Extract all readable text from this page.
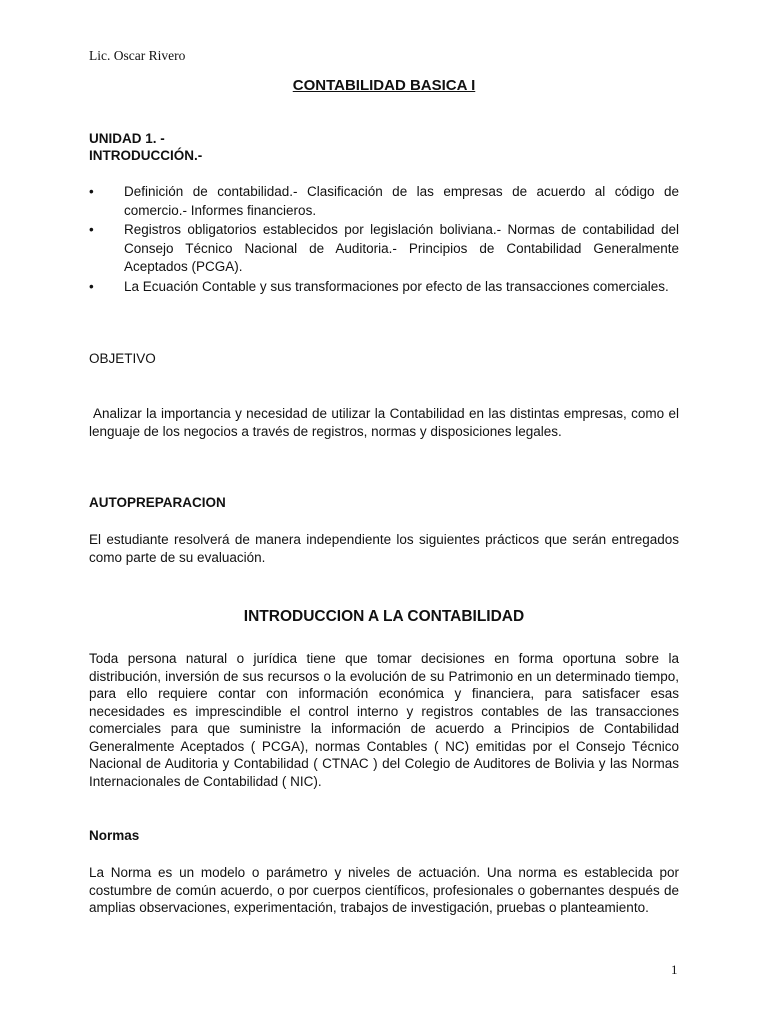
Lic. Oscar Rivero
CONTABILIDAD BASICA I
UNIDAD 1. -
INTRODUCCIÓN.-
• Definición de contabilidad.- Clasificación de las empresas de acuerdo al código de comercio.- Informes financieros.
• Registros obligatorios establecidos por legislación boliviana.- Normas de contabilidad del Consejo Técnico Nacional de Auditoria.- Principios de Contabilidad Generalmente Aceptados (PCGA).
• La Ecuación Contable y sus transformaciones por efecto de las transacciones comerciales.
OBJETIVO
Analizar la importancia y necesidad de utilizar la Contabilidad en las distintas empresas, como el lenguaje de los negocios a través de registros, normas y disposiciones legales.
AUTOPREPARACION
El estudiante resolverá de manera independiente los siguientes prácticos que serán entregados como parte de su evaluación.
INTRODUCCION A LA CONTABILIDAD
Toda persona natural o jurídica tiene que tomar decisiones en forma oportuna sobre la distribución, inversión de sus recursos o la evolución de su Patrimonio en un determinado tiempo, para ello requiere contar con información económica y financiera, para satisfacer esas necesidades es imprescindible el control interno y registros contables de las transacciones comerciales para que suministre la información de acuerdo a Principios de Contabilidad Generalmente Aceptados ( PCGA), normas Contables ( NC) emitidas por el Consejo Técnico Nacional de Auditoria y Contabilidad ( CTNAC ) del Colegio de Auditores de Bolivia y las Normas Internacionales de Contabilidad ( NIC).
Normas
La Norma es un modelo o parámetro y niveles de actuación. Una norma es establecida por costumbre de común acuerdo, o por cuerpos científicos, profesionales o gobernantes después de amplias observaciones, experimentación, trabajos de investigación, pruebas o planteamiento.
1
